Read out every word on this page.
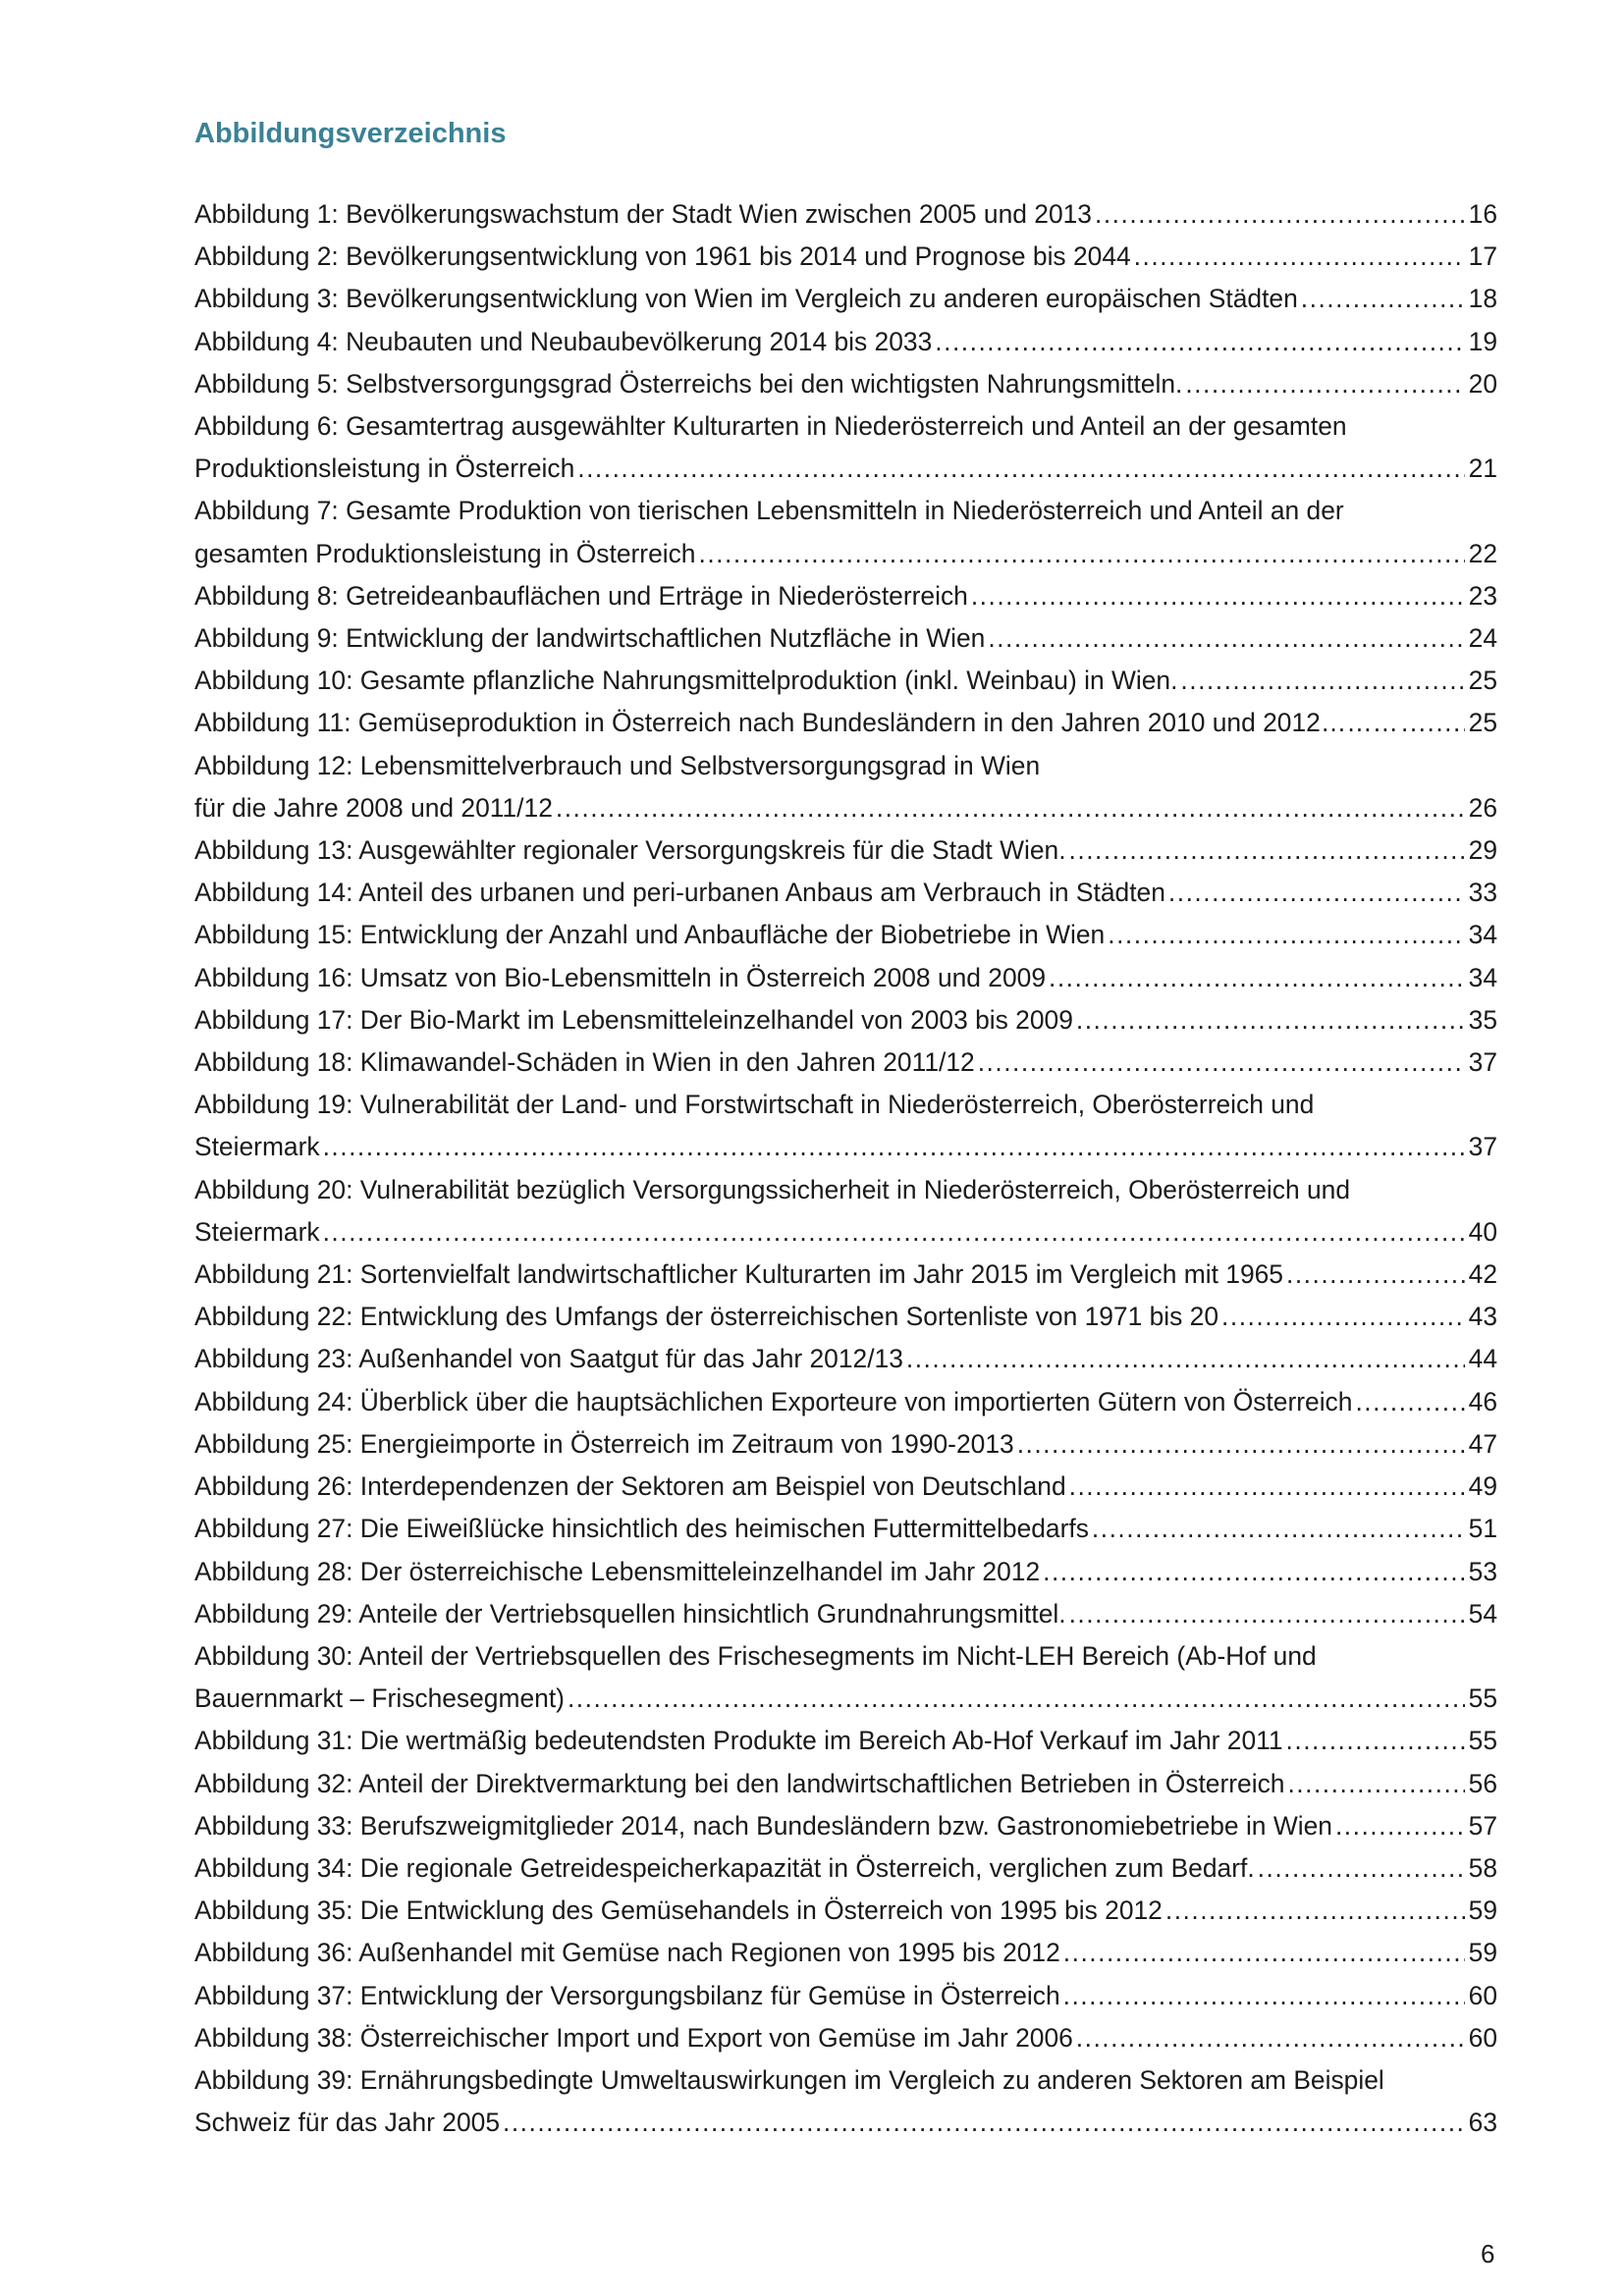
Abbildungsverzeichnis
Abbildung 1: Bevölkerungswachstum der Stadt Wien zwischen 2005 und 2013 .....	16
Abbildung 2: Bevölkerungsentwicklung von 1961 bis 2014 und Prognose bis 2044 .....	17
Abbildung 3: Bevölkerungsentwicklung von Wien im Vergleich zu anderen europäischen Städten .....	18
Abbildung 4: Neubauten und Neubaubevölkerung 2014 bis 2033 .....	19
Abbildung 5: Selbstversorgungsgrad Österreichs bei den wichtigsten Nahrungsmitteln. .....	20
Abbildung 6: Gesamtertrag ausgewählter Kulturarten in Niederösterreich und Anteil an der gesamten
Produktionsleistung in Österreich .....	21
Abbildung 7: Gesamte Produktion von tierischen Lebensmitteln in Niederösterreich und Anteil an der
gesamten Produktionsleistung in Österreich .....	22
Abbildung 8: Getreideanbauflächen und Erträge in Niederösterreich .....	23
Abbildung 9: Entwicklung der landwirtschaftlichen Nutzfläche in Wien .....	24
Abbildung 10: Gesamte pflanzliche Nahrungsmittelproduktion (inkl. Weinbau) in Wien. .....	25
Abbildung 11: Gemüseproduktion in Österreich nach Bundesländern in den Jahren 2010 und 2012……… .....	25
Abbildung 12: Lebensmittelverbrauch und Selbstversorgungsgrad in Wien
für die Jahre 2008 und 2011/12 .....	26
Abbildung 13: Ausgewählter regionaler Versorgungskreis für die Stadt Wien. .....	29
Abbildung 14: Anteil des urbanen und peri-urbanen Anbaus am Verbrauch in Städten .....	33
Abbildung 15: Entwicklung der Anzahl und Anbaufläche der Biobetriebe in Wien .....	34
Abbildung 16: Umsatz von Bio-Lebensmitteln in Österreich 2008 und 2009 .....	34
Abbildung 17: Der Bio-Markt im Lebensmitteleinzelhandel von 2003 bis 2009 .....	35
Abbildung 18: Klimawandel-Schäden in Wien in den Jahren 2011/12 .....	37
Abbildung 19: Vulnerabilität der Land- und Forstwirtschaft in Niederösterreich, Oberösterreich und
Steiermark .....	37
Abbildung 20: Vulnerabilität bezüglich Versorgungssicherheit in Niederösterreich, Oberösterreich und
Steiermark .....	40
Abbildung 21: Sortenvielfalt landwirtschaftlicher Kulturarten im Jahr 2015 im Vergleich mit 1965 .....	42
Abbildung 22: Entwicklung des Umfangs der österreichischen Sortenliste von 1971 bis 20 .....	43
Abbildung 23: Außenhandel von Saatgut für das Jahr 2012/13 .....	44
Abbildung 24: Überblick über die hauptsächlichen Exporteure von importierten Gütern von Österreich .....	46
Abbildung 25: Energieimporte in Österreich im Zeitraum von 1990-2013 .....	47
Abbildung 26: Interdependenzen der Sektoren am Beispiel von Deutschland .....	49
Abbildung 27: Die Eiweißlücke hinsichtlich des heimischen Futtermittelbedarfs .....	51
Abbildung 28: Der österreichische Lebensmitteleinzelhandel im Jahr 2012 .....	53
Abbildung 29: Anteile der Vertriebsquellen hinsichtlich Grundnahrungsmittel. .....	54
Abbildung 30: Anteil der Vertriebsquellen des Frischesegments im Nicht-LEH Bereich (Ab-Hof und
Bauernmarkt – Frischesegment) .....	55
Abbildung 31: Die wertmäßig bedeutendsten Produkte im Bereich Ab-Hof Verkauf im Jahr 2011 .....	55
Abbildung 32: Anteil der Direktvermarktung bei den landwirtschaftlichen Betrieben in Österreich .....	56
Abbildung 33: Berufszweigmitglieder 2014, nach Bundesländern bzw. Gastronomiebetriebe in Wien .....	57
Abbildung 34: Die regionale Getreidespeicherkapazität in Österreich, verglichen zum Bedarf. .....	58
Abbildung 35: Die Entwicklung des Gemüsehandels in Österreich von 1995 bis 2012 .....	59
Abbildung 36: Außenhandel mit Gemüse nach Regionen von 1995 bis 2012 .....	59
Abbildung 37: Entwicklung der Versorgungsbilanz für Gemüse in Österreich .....	60
Abbildung 38: Österreichischer Import und Export von Gemüse im Jahr 2006 .....	60
Abbildung 39: Ernährungsbedingte Umweltauswirkungen im Vergleich zu anderen Sektoren am Beispiel
Schweiz für das Jahr 2005 .....	63
6
